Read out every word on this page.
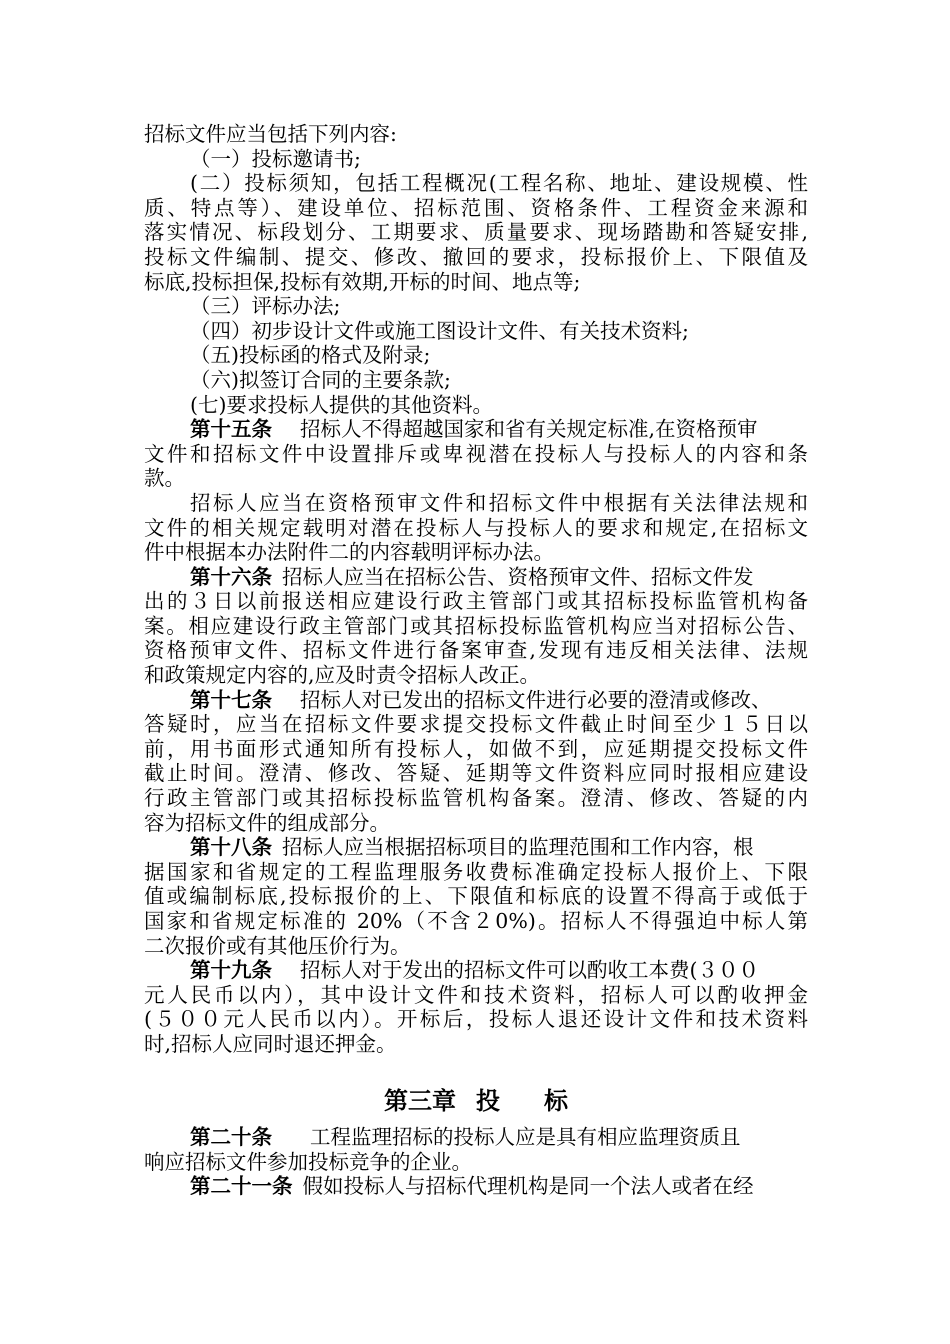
招标文件应当包括下列内容:
（一）投标邀请书;
(二）投标须知，包括工程概况(工程名称、地址、建设规模、性
质、特点等）、建设单位、招标范围、资格条件、工程资金来源和
落实情况、标段划分、工期要求、质量要求、现场踏勘和答疑安排,
投标文件编制、提交、修改、撤回的要求，投标报价上、下限值及
标底,投标担保,投标有效期,开标的时间、地点等;
（三）评标办法;
（四）初步设计文件或施工图设计文件、有关技术资料;
（五)投标函的格式及附录;
（六)拟签订合同的主要条款;
(七)要求投标人提供的其他资料。
第十五条 招标人不得超越国家和省有关规定标准,在资格预审
文件和招标文件中设置排斥或卑视潜在投标人与投标人的内容和条
款。
招标人应当在资格预审文件和招标文件中根据有关法律法规和
文件的相关规定载明对潜在投标人与投标人的要求和规定,在招标文
件中根据本办法附件二的内容载明评标办法。
第十六条 招标人应当在招标公告、资格预审文件、招标文件发
出的３日以前报送相应建设行政主管部门或其招标投标监管机构备
案。相应建设行政主管部门或其招标投标监管机构应当对招标公告、
资格预审文件、招标文件进行备案审查,发现有违反相关法律、法规
和政策规定内容的,应及时责令招标人改正。
第十七条 招标人对已发出的招标文件进行必要的澄清或修改、
答疑时，应当在招标文件要求提交投标文件截止时间至少１５日以
前，用书面形式通知所有投标人，如做不到，应延期提交投标文件
截止时间。澄清、修改、答疑、延期等文件资料应同时报相应建设
行政主管部门或其招标投标监管机构备案。澄清、修改、答疑的内
容为招标文件的组成部分。
第十八条 招标人应当根据招标项目的监理范围和工作内容，根
据国家和省规定的工程监理服务收费标准确定投标人报价上、下限
值或编制标底,投标报价的上、下限值和标底的设置不得高于或低于
国家和省规定标准的 20%（不含２0%)。招标人不得强迫中标人第
二次报价或有其他压价行为。
第十九条 招标人对于发出的招标文件可以酌收工本费(３００
元人民币以内），其中设计文件和技术资料，招标人可以酌收押金
(５００元人民币以内）。开标后，投标人退还设计文件和技术资料
时,招标人应同时退还押金。
第三章 投 标
第二十条 工程监理招标的投标人应是具有相应监理资质且
响应招标文件参加投标竞争的企业。
第二十一条 假如投标人与招标代理机构是同一个法人或者在经
